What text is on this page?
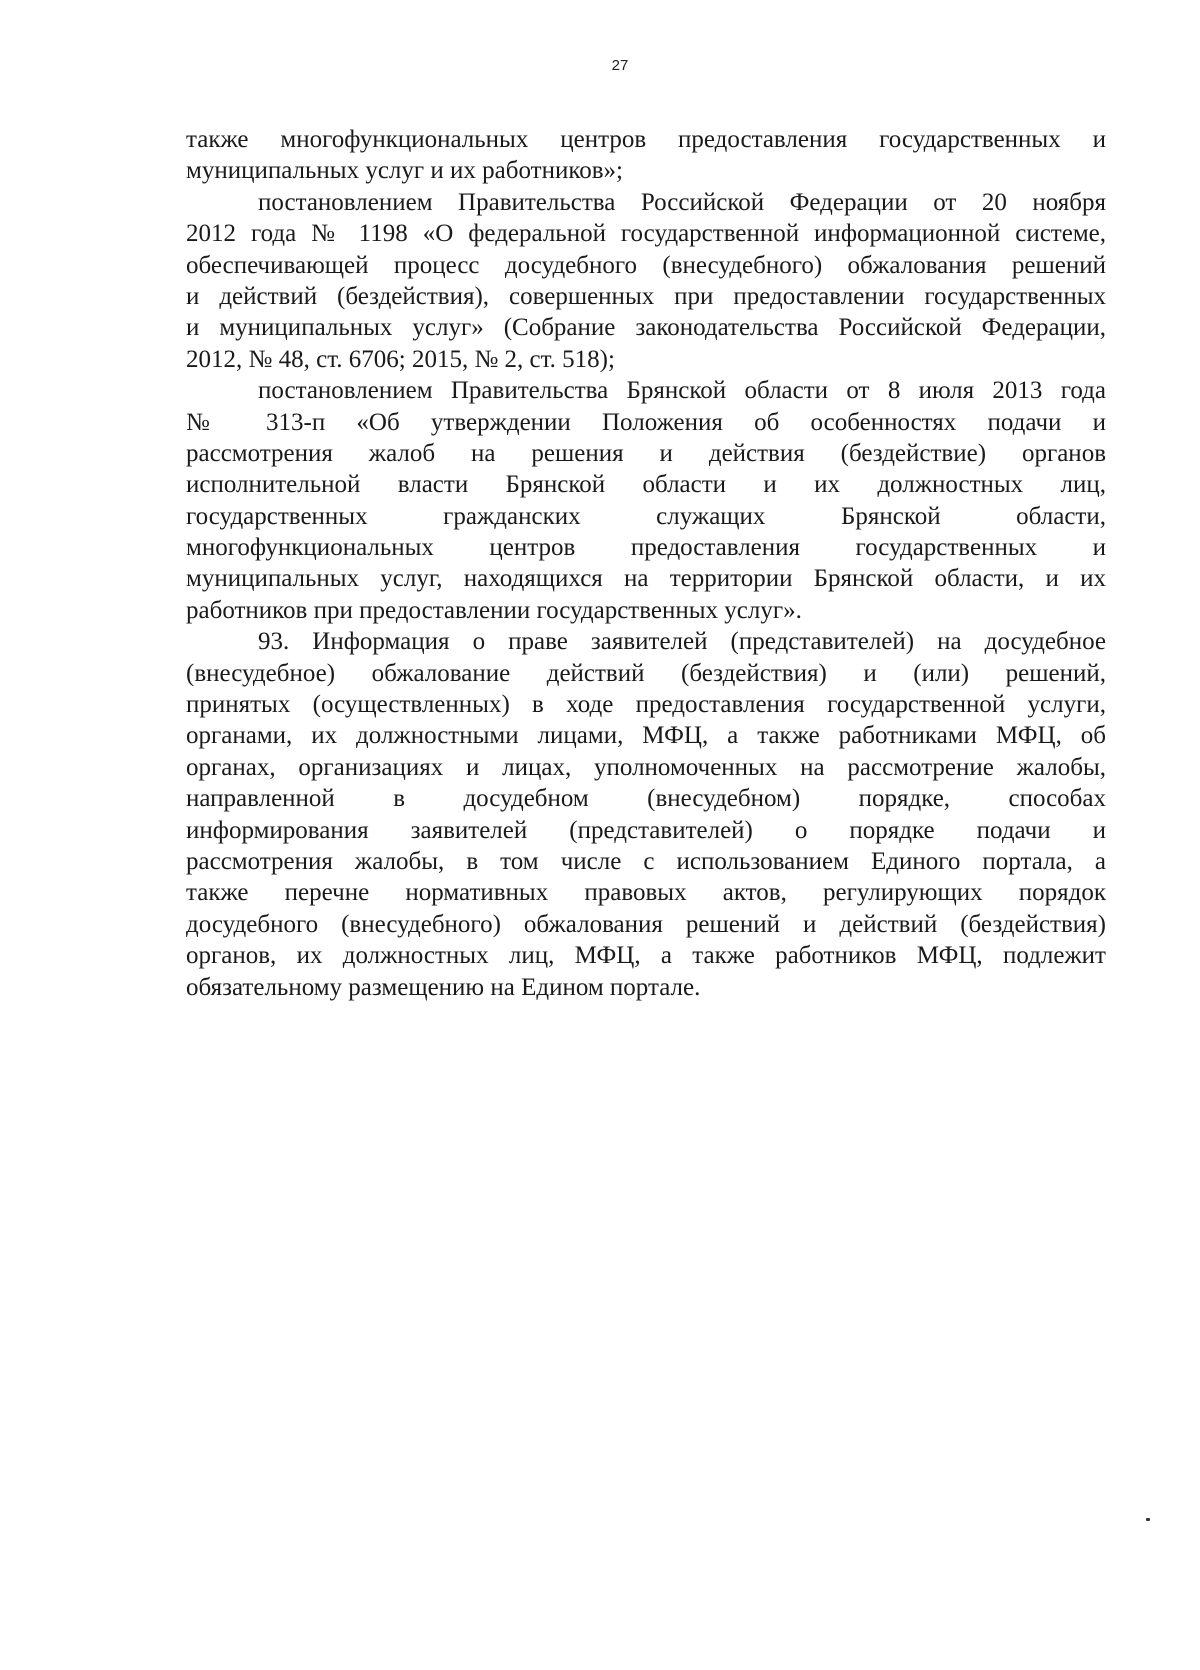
27
также многофункциональных центров предоставления государственных и
муниципальных услуг и их работников»;
постановлением Правительства Российской Федерации от 20 ноября
2012 года № 1198 «О федеральной государственной информационной системе,
обеспечивающей процесс досудебного (внесудебного) обжалования решений
и действий (бездействия), совершенных при предоставлении государственных
и муниципальных услуг» (Собрание законодательства Российской Федерации,
2012, № 48, ст. 6706; 2015, № 2, ст. 518);
постановлением Правительства Брянской области от 8 июля 2013 года
№ 313-п «Об утверждении Положения об особенностях подачи и
рассмотрения жалоб на решения и действия (бездействие) органов
исполнительной власти Брянской области и их должностных лиц,
государственных гражданских служащих Брянской области,
многофункциональных центров предоставления государственных и
муниципальных услуг, находящихся на территории Брянской области, и их
работников при предоставлении государственных услуг».
93. Информация о праве заявителей (представителей) на досудебное
(внесудебное) обжалование действий (бездействия) и (или) решений,
принятых (осуществленных) в ходе предоставления государственной услуги,
органами, их должностными лицами, МФЦ, а также работниками МФЦ, об
органах, организациях и лицах, уполномоченных на рассмотрение жалобы,
направленной в досудебном (внесудебном) порядке, способах
информирования заявителей (представителей) о порядке подачи и
рассмотрения жалобы, в том числе с использованием Единого портала, а
также перечне нормативных правовых актов, регулирующих порядок
досудебного (внесудебного) обжалования решений и действий (бездействия)
органов, их должностных лиц, МФЦ, а также работников МФЦ, подлежит
обязательному размещению на Едином портале.
